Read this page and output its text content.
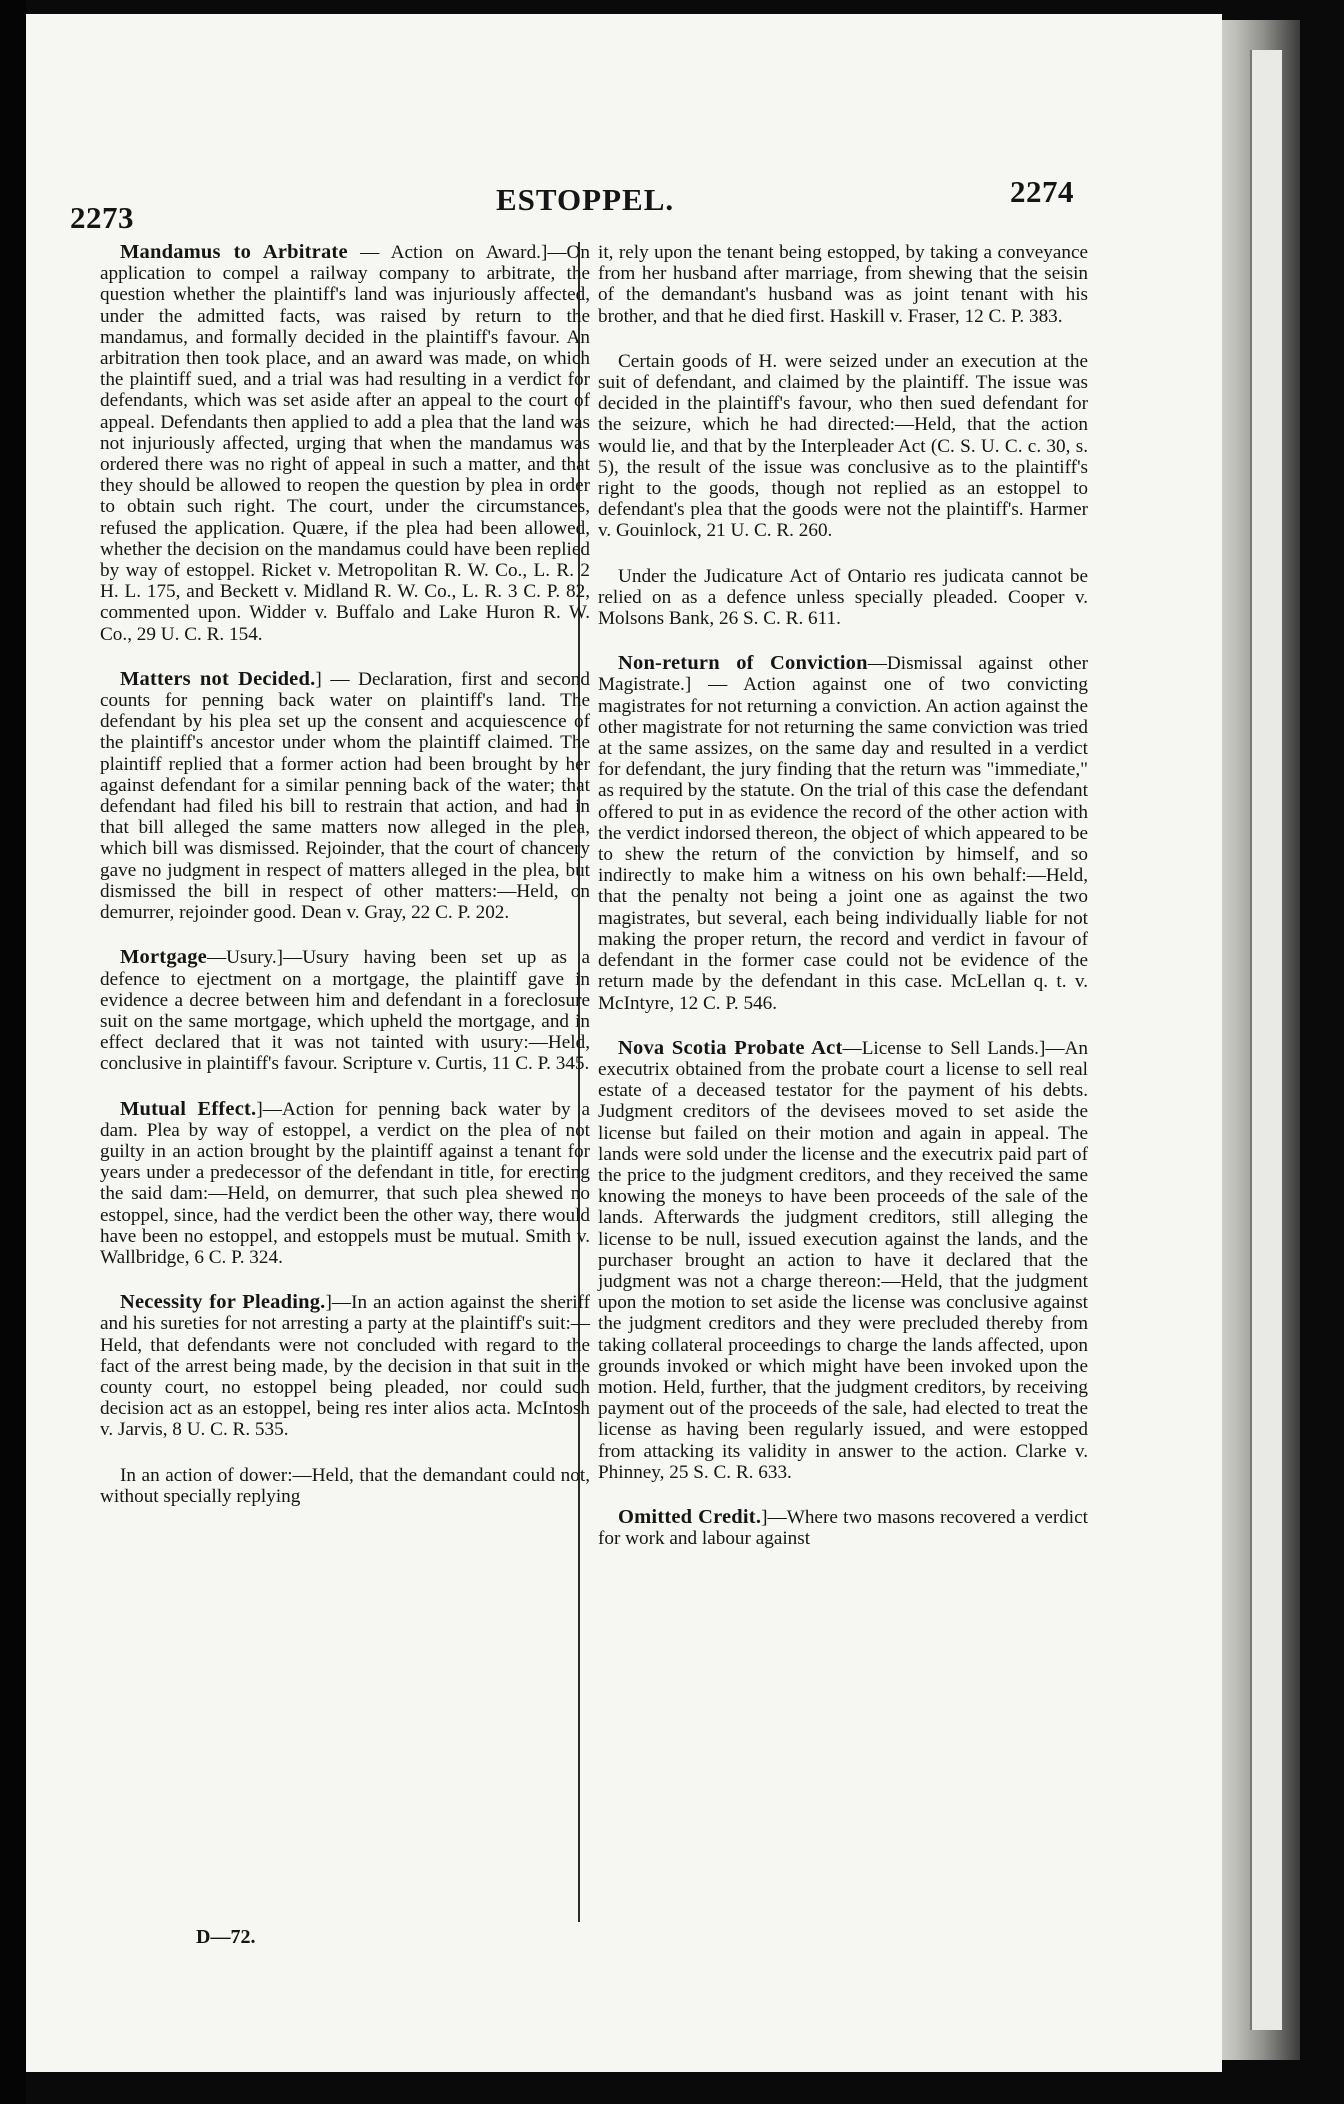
2273
ESTOPPEL.	2274

Mandamus to Arbitrate — Action on Award.]—On application to compel a railway company to arbitrate, the question whether the plaintiff's land was injuriously affected, under the admitted facts, was raised by return to the mandamus, and formally decided in the plaintiff's favour. An arbitration then took place, and an award was made, on which the plaintiff sued, and a trial was had resulting in a verdict for defendants, which was set aside after an appeal to the court of appeal. Defendants then applied to add a plea that the land was not injuriously affected, urging that when the mandamus was ordered there was no right of appeal in such a matter, and that they should be allowed to reopen the question by plea in order to obtain such right. The court, under the circumstances, refused the application. Quære, if the plea had been allowed, whether the decision on the mandamus could have been replied by way of estoppel. Ricket v. Metropolitan R. W. Co., L. R. 2 H. L. 175, and Beckett v. Midland R. W. Co., L. R. 3 C. P. 82, commented upon. Widder v. Buffalo and Lake Huron R. W. Co., 29 U. C. R. 154.

Matters not Decided.] — Declaration, first and second counts for penning back water on plaintiff's land. The defendant by his plea set up the consent and acquiescence of the plaintiff's ancestor under whom the plaintiff claimed. The plaintiff replied that a former action had been brought by her against defendant for a similar penning back of the water; that defendant had filed his bill to restrain that action, and had in that bill alleged the same matters now alleged in the plea, which bill was dismissed. Rejoinder, that the court of chancery gave no judgment in respect of matters alleged in the plea, but dismissed the bill in respect of other matters:—Held, on demurrer, rejoinder good. Dean v. Gray, 22 C. P. 202.

Mortgage—Usury.]—Usury having been set up as a defence to ejectment on a mortgage, the plaintiff gave in evidence a decree between him and defendant in a foreclosure suit on the same mortgage, which upheld the mortgage, and in effect declared that it was not tainted with usury:—Held, conclusive in plaintiff's favour. Scripture v. Curtis, 11 C. P. 345.

Mutual Effect.]—Action for penning back water by a dam. Plea by way of estoppel, a verdict on the plea of not guilty in an action brought by the plaintiff against a tenant for years under a predecessor of the defendant in title, for erecting the said dam:—Held, on demurrer, that such plea shewed no estoppel, since, had the verdict been the other way, there would have been no estoppel, and estoppels must be mutual. Smith v. Wallbridge, 6 C. P. 324.

Necessity for Pleading.]—In an action against the sheriff and his sureties for not arresting a party at the plaintiff's suit:—Held, that defendants were not concluded with regard to the fact of the arrest being made, by the decision in that suit in the county court, no estoppel being pleaded, nor could such decision act as an estoppel, being res inter alios acta. McIntosh v. Jarvis, 8 U. C. R. 535.

In an action of dower:—Held, that the demandant could not, without specially replying

it, rely upon the tenant being estopped, by taking a conveyance from her husband after marriage, from shewing that the seisin of the demandant's husband was as joint tenant with his brother, and that he died first. Haskill v. Fraser, 12 C. P. 383.

Certain goods of H. were seized under an execution at the suit of defendant, and claimed by the plaintiff. The issue was decided in the plaintiff's favour, who then sued defendant for the seizure, which he had directed:—Held, that the action would lie, and that by the Interpleader Act (C. S. U. C. c. 30, s. 5), the result of the issue was conclusive as to the plaintiff's right to the goods, though not replied as an estoppel to defendant's plea that the goods were not the plaintiff's. Harmer v. Gouinlock, 21 U. C. R. 260.

Under the Judicature Act of Ontario res judicata cannot be relied on as a defence unless specially pleaded. Cooper v. Molsons Bank, 26 S. C. R. 611.

Non-return of Conviction—Dismissal against other Magistrate.] — Action against one of two convicting magistrates for not returning a conviction. An action against the other magistrate for not returning the same conviction was tried at the same assizes, on the same day and resulted in a verdict for defendant, the jury finding that the return was "immediate," as required by the statute. On the trial of this case the defendant offered to put in as evidence the record of the other action with the verdict indorsed thereon, the object of which appeared to be to shew the return of the conviction by himself, and so indirectly to make him a witness on his own behalf:—Held, that the penalty not being a joint one as against the two magistrates, but several, each being individually liable for not making the proper return, the record and verdict in favour of defendant in the former case could not be evidence of the return made by the defendant in this case. McLellan q. t. v. McIntyre, 12 C. P. 546.

Nova Scotia Probate Act—License to Sell Lands.]—An executrix obtained from the probate court a license to sell real estate of a deceased testator for the payment of his debts. Judgment creditors of the devisees moved to set aside the license but failed on their motion and again in appeal. The lands were sold under the license and the executrix paid part of the price to the judgment creditors, and they received the same knowing the moneys to have been proceeds of the sale of the lands. Afterwards the judgment creditors, still alleging the license to be null, issued execution against the lands, and the purchaser brought an action to have it declared that the judgment was not a charge thereon:—Held, that the judgment upon the motion to set aside the license was conclusive against the judgment creditors and they were precluded thereby from taking collateral proceedings to charge the lands affected, upon grounds invoked or which might have been invoked upon the motion. Held, further, that the judgment creditors, by receiving payment out of the proceeds of the sale, had elected to treat the license as having been regularly issued, and were estopped from attacking its validity in answer to the action. Clarke v. Phinney, 25 S. C. R. 633.

Omitted Credit.]—Where two masons recovered a verdict for work and labour against

D—72.
